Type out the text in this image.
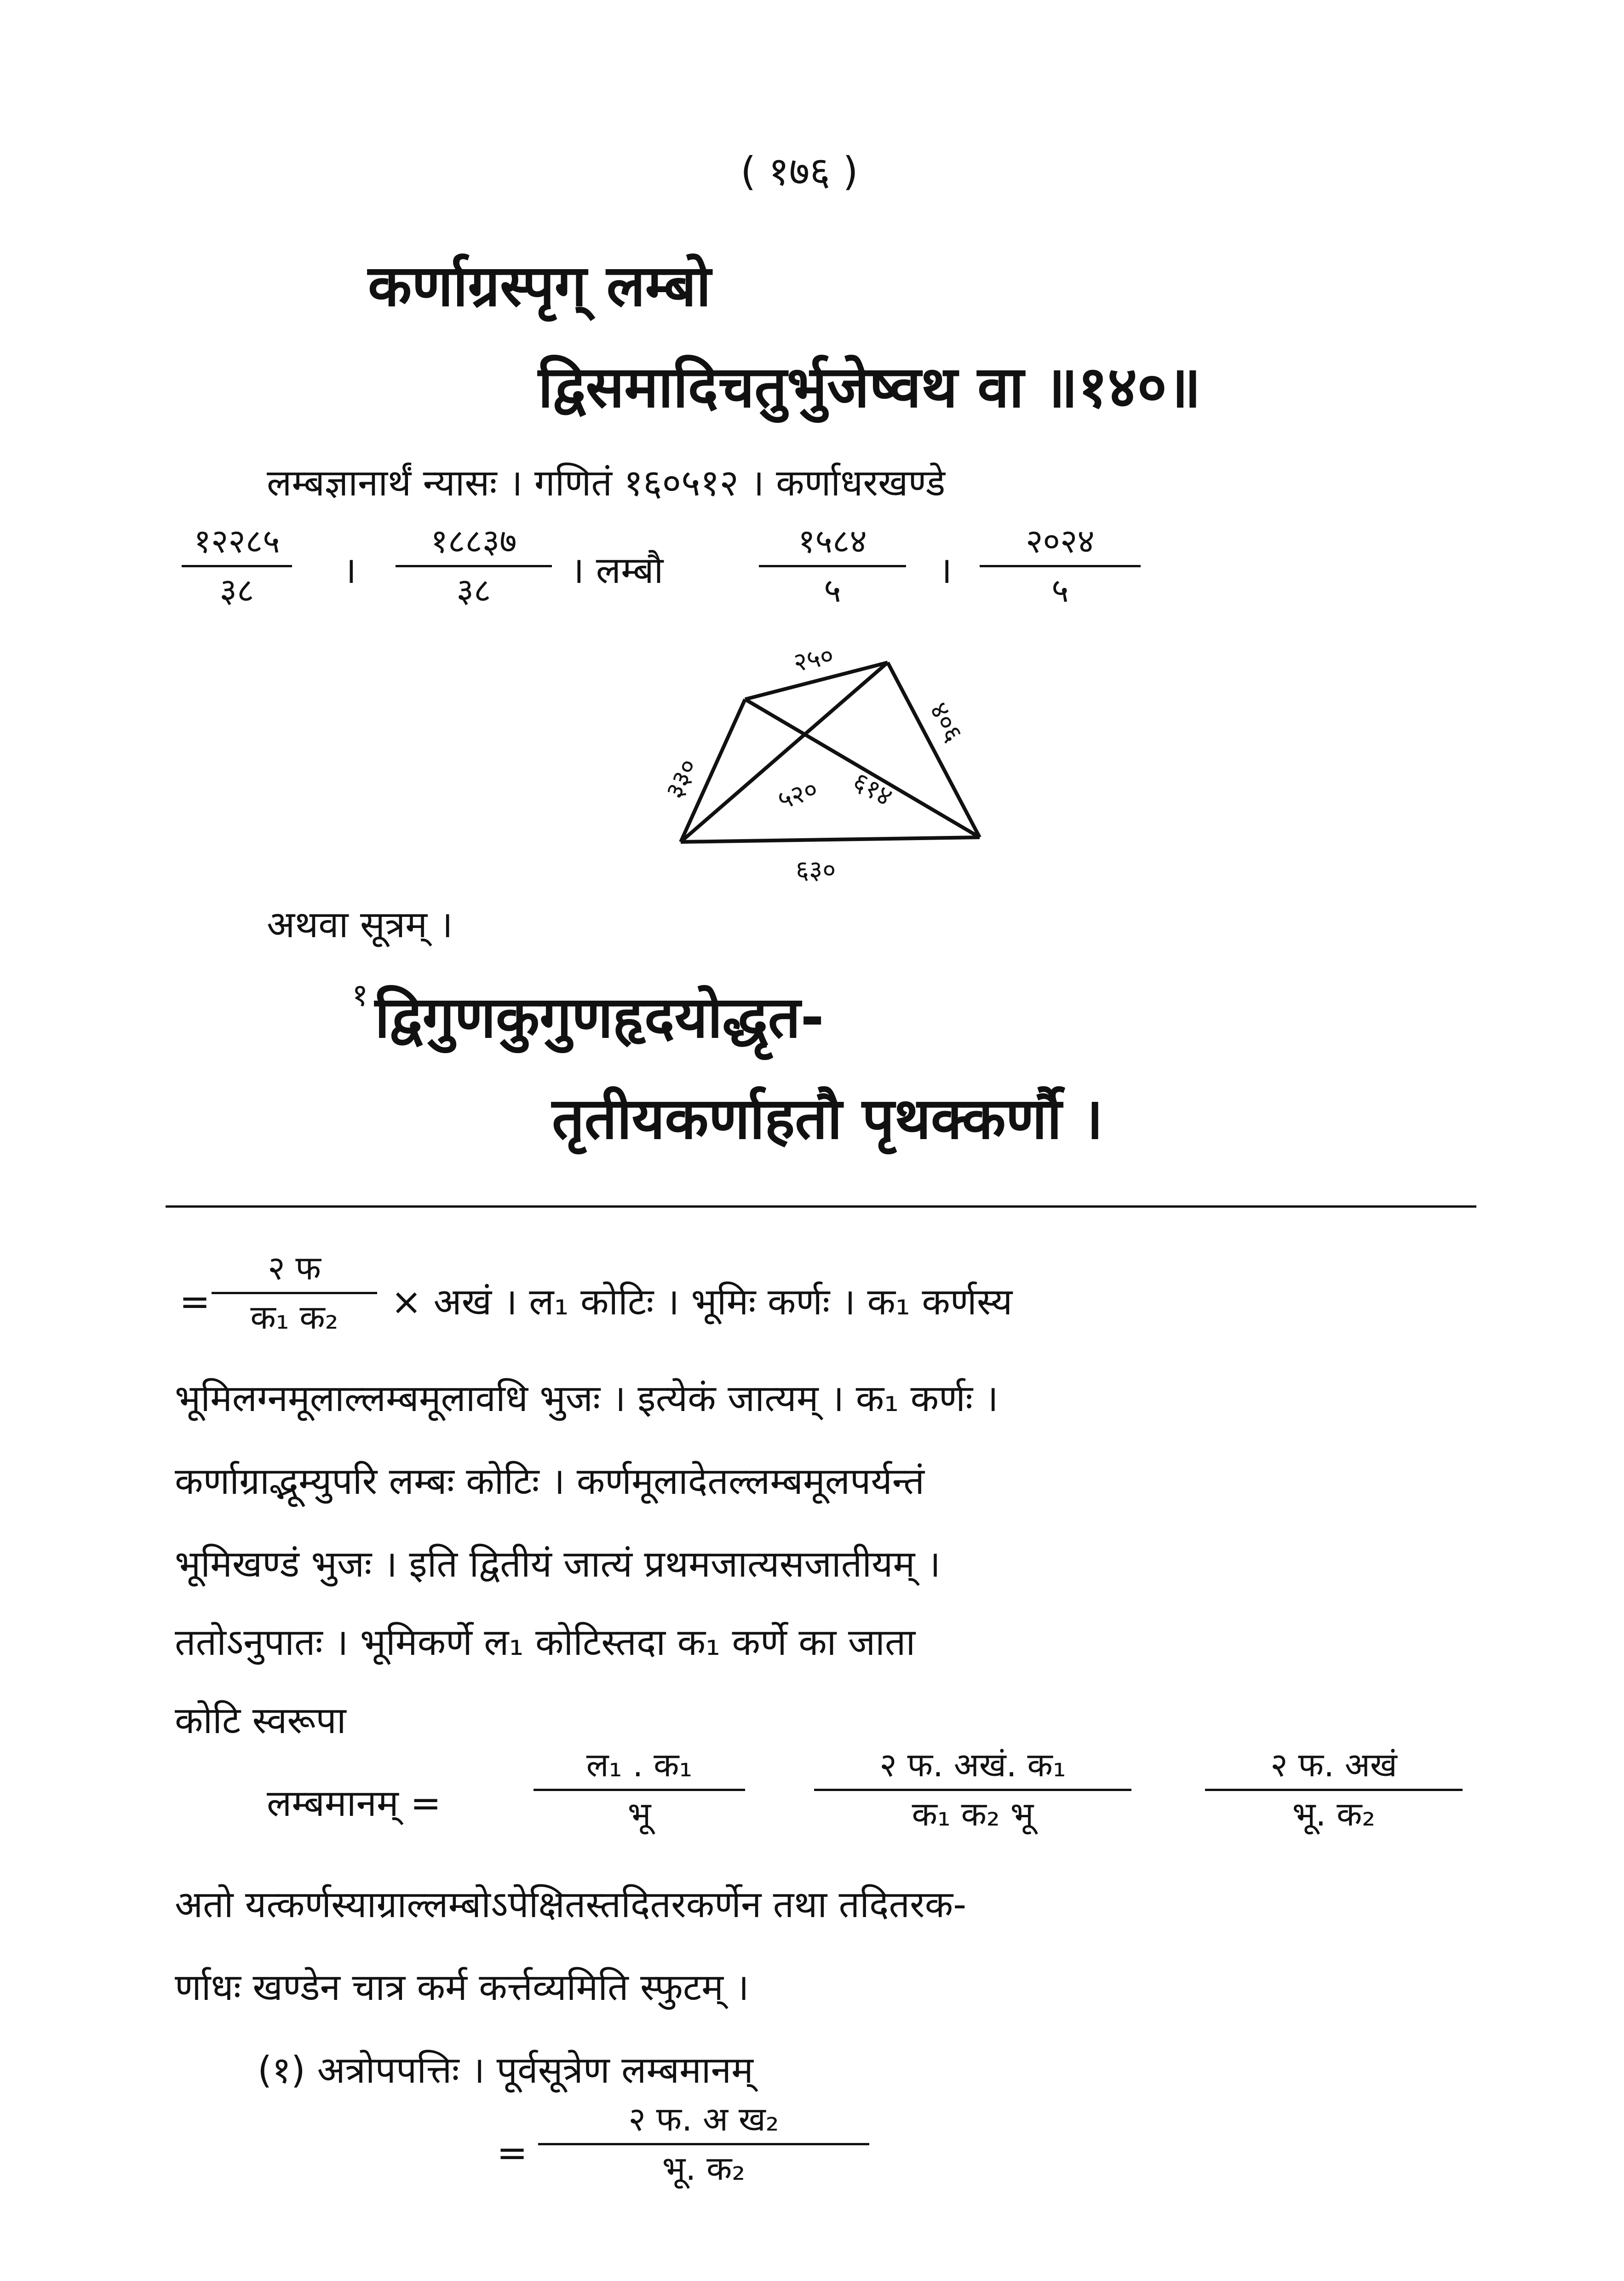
( १७६ )
कर्णाग्रस्पृग् लम्बो
द्विसमादिचतुर्भुजेष्वथ वा ॥१४०॥
लम्बज्ञानार्थं न्यासः । गणितं १६०५१२ । कर्णाधरखण्डे
१२२८५
३८	।
१८८३७
३८	। लम्बौ
१५८४
५	।
२०२४
५
२५०
३३०
४०६
६३०
५२० ६१४
अथवा सूत्रम् ।
१ द्विगुणकुगुणहृदयोद्धृत-
तृतीयकर्णाहतौ पृथक्कर्णौ ।
=
२ फ
क₁ क₂	× अखं । ल₁ कोटिः । भूमिः कर्णः । क₁ कर्णस्य
भूमिलग्नमूलाल्लम्बमूलावधि भुजः । इत्येकं जात्यम् । क₁ कर्णः ।
कर्णाग्राद्भूम्युपरि लम्बः कोटिः । कर्णमूलादेतल्लम्बमूलपर्यन्तं
भूमिखण्डं भुजः । इति द्वितीयं जात्यं प्रथमजात्यसजातीयम् ।
ततोऽनुपातः । भूमिकर्णे ल₁ कोटिस्तदा क₁ कर्णे का जाता
कोटि स्वरूपा
लम्बमानम् =
ल₁ . क₁
भू
२ फ. अखं. क₁
क₁ क₂ भू
२ फ. अखं
भू. क₂
अतो यत्कर्णस्याग्राल्लम्बोऽपेक्षितस्तदितरकर्णेन तथा तदितरक-
र्णाधः खण्डेन चात्र कर्म कर्त्तव्यमिति स्फुटम् ।
(१) अत्रोपपत्तिः । पूर्वसूत्रेण लम्बमानम्
=
२ फ. अ ख₂
भू. क₂
